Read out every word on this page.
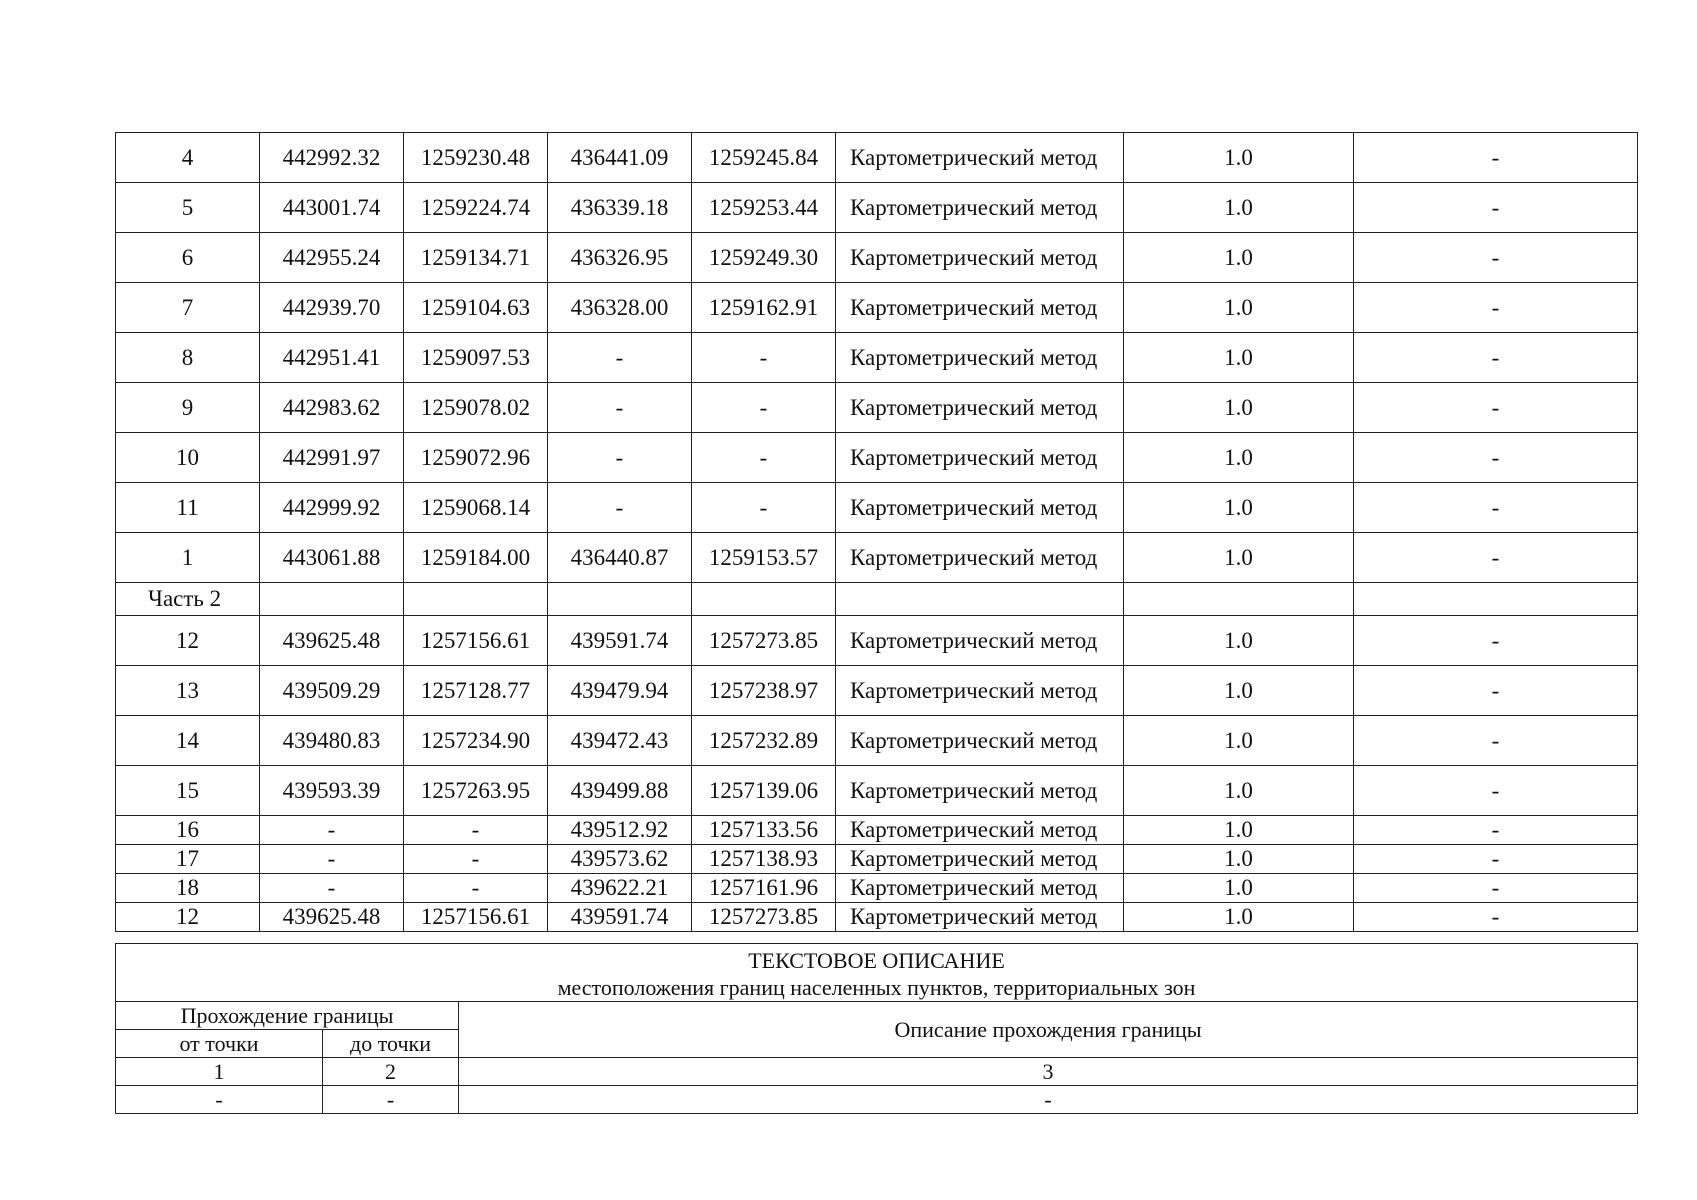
4	442992.32	1259230.48	436441.09	1259245.84	Картометрический метод	1.0	-
5	443001.74	1259224.74	436339.18	1259253.44	Картометрический метод	1.0	-
6	442955.24	1259134.71	436326.95	1259249.30	Картометрический метод	1.0	-
7	442939.70	1259104.63	436328.00	1259162.91	Картометрический метод	1.0	-
8	442951.41	1259097.53	-	-	Картометрический метод	1.0	-
9	442983.62	1259078.02	-	-	Картометрический метод	1.0	-
10	442991.97	1259072.96	-	-	Картометрический метод	1.0	-
11	442999.92	1259068.14	-	-	Картометрический метод	1.0	-
1	443061.88	1259184.00	436440.87	1259153.57	Картометрический метод	1.0	-
Часть 2							
12	439625.48	1257156.61	439591.74	1257273.85	Картометрический метод	1.0	-
13	439509.29	1257128.77	439479.94	1257238.97	Картометрический метод	1.0	-
14	439480.83	1257234.90	439472.43	1257232.89	Картометрический метод	1.0	-
15	439593.39	1257263.95	439499.88	1257139.06	Картометрический метод	1.0	-
16	-	-	439512.92	1257133.56	Картометрический метод	1.0	-
17	-	-	439573.62	1257138.93	Картометрический метод	1.0	-
18	-	-	439622.21	1257161.96	Картометрический метод	1.0	-
12	439625.48	1257156.61	439591.74	1257273.85	Картометрический метод	1.0	-
ТЕКСТОВОЕ ОПИСАНИЕ
местоположения границ населенных пунктов, территориальных зон		

Прохождение границы		Описание прохождения границы
от точки	до точки	
1	2	3
-	-	-
